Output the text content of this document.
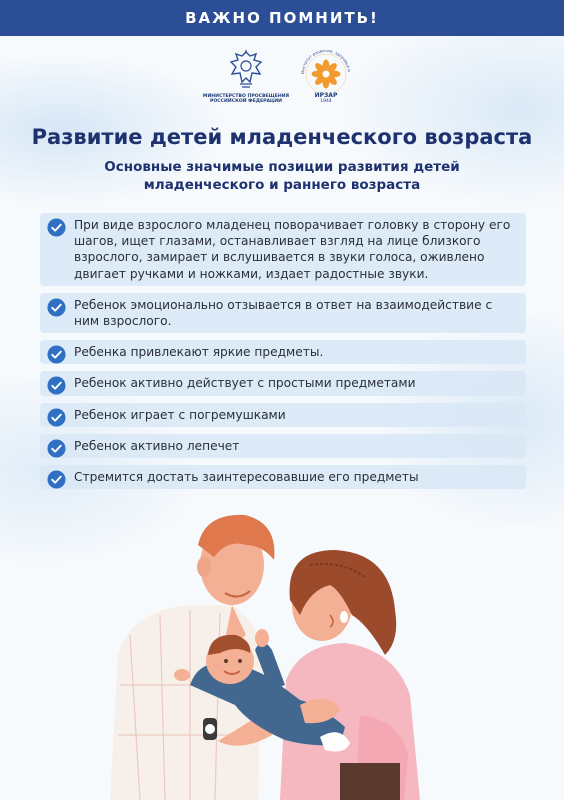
ВАЖНО ПОМНИТЬ!
МИНИСТЕРСТВО ПРОСВЕЩЕНИЯ РОССИЙСКОЙ ФЕДЕРАЦИИ
Институт развития, здоровья и
ИРЗАР
1944
Развитие детей младенческого возраста
Основные значимые позиции развития детей младенческого и раннего возраста
При виде взрослого младенец поворачивает головку в сторону его шагов, ищет глазами, останавливает взгляд на лице близкого взрослого, замирает и вслушивается в звуки голоса, оживлено двигает ручками и ножками, издает радостные звуки.
Ребенок эмоционально отзывается в ответ на взаимодействие с ним взрослого.
Ребенка привлекают яркие предметы.
Ребенок активно действует с простыми предметами
Ребенок играет с погремушками
Ребенок активно лепечет
Стремится достать заинтересовавшие его предметы
